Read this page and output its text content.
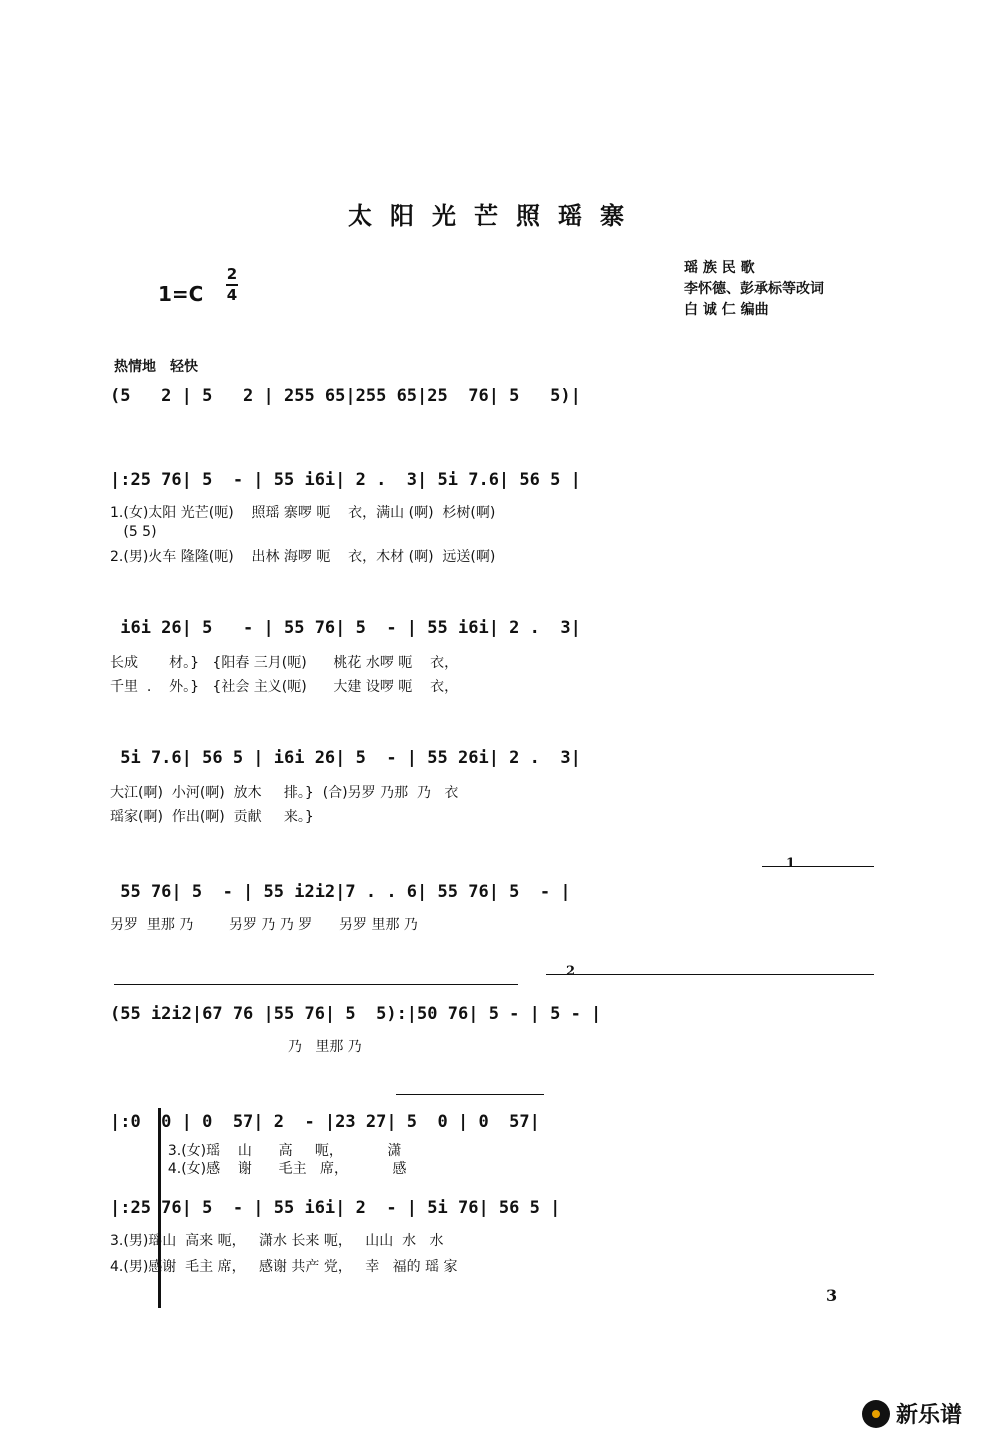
太阳光芒照瑶寨
瑶 族 民 歌
李怀德、彭承标等改词
白 诚 仁 编曲
1=C
2
4
热情地　轻快
(5   2 | 5   2 | 255 65|255 65|25  76| 5   5)|
|:25 76| 5  - | 55 i6i| 2 .  3| 5i 7.6| 56 5 |
1.(女)太阳 光芒(呃)    照瑶 寨啰 呃    衣，满山 (啊)  杉树(啊)
(5 5)
2.(男)火车 隆隆(呃)    出林 海啰 呃    衣，木材 (啊)  远送(啊)
i6i 26| 5   - | 55 76| 5  - | 55 i6i| 2 .  3|
长成       材。}   {阳春 三月(呃)      桃花 水啰 呃    衣，
千里  .    外。}   {社会 主义(呃)      大建 设啰 呃    衣，
5i 7.6| 56 5 | i6i 26| 5  - | 55 26i| 2 .  3|
大江(啊)  小河(啊)  放木     排。}  (合)另罗 乃那  乃   衣
瑶家(啊)  作出(啊)  贡献     来。}
1
55 76| 5  - | 55 i2i2|7 . . 6| 55 76| 5  - |
另罗  里那 乃        另罗 乃 乃 罗      另罗 里那 乃
2
(55 i2i2|67 76 |55 76| 5  5):|50 76| 5 - | 5 - |
乃   里那 乃
|:0  0 | 0  57| 2  - |23 27| 5  0 | 0  57|
3.(女)瑶    山      高     呃，          潇
4.(女)感    谢      毛主   席，          感
|:25 76| 5  - | 55 i6i| 2  - | 5i 76| 56 5 |
3.(男)瑶山  高来 呃，   潇水 长来 呃，   山山  水   水
4.(男)感谢  毛主 席，   感谢 共产 党，   幸   福的 瑶 家
3
新乐谱
